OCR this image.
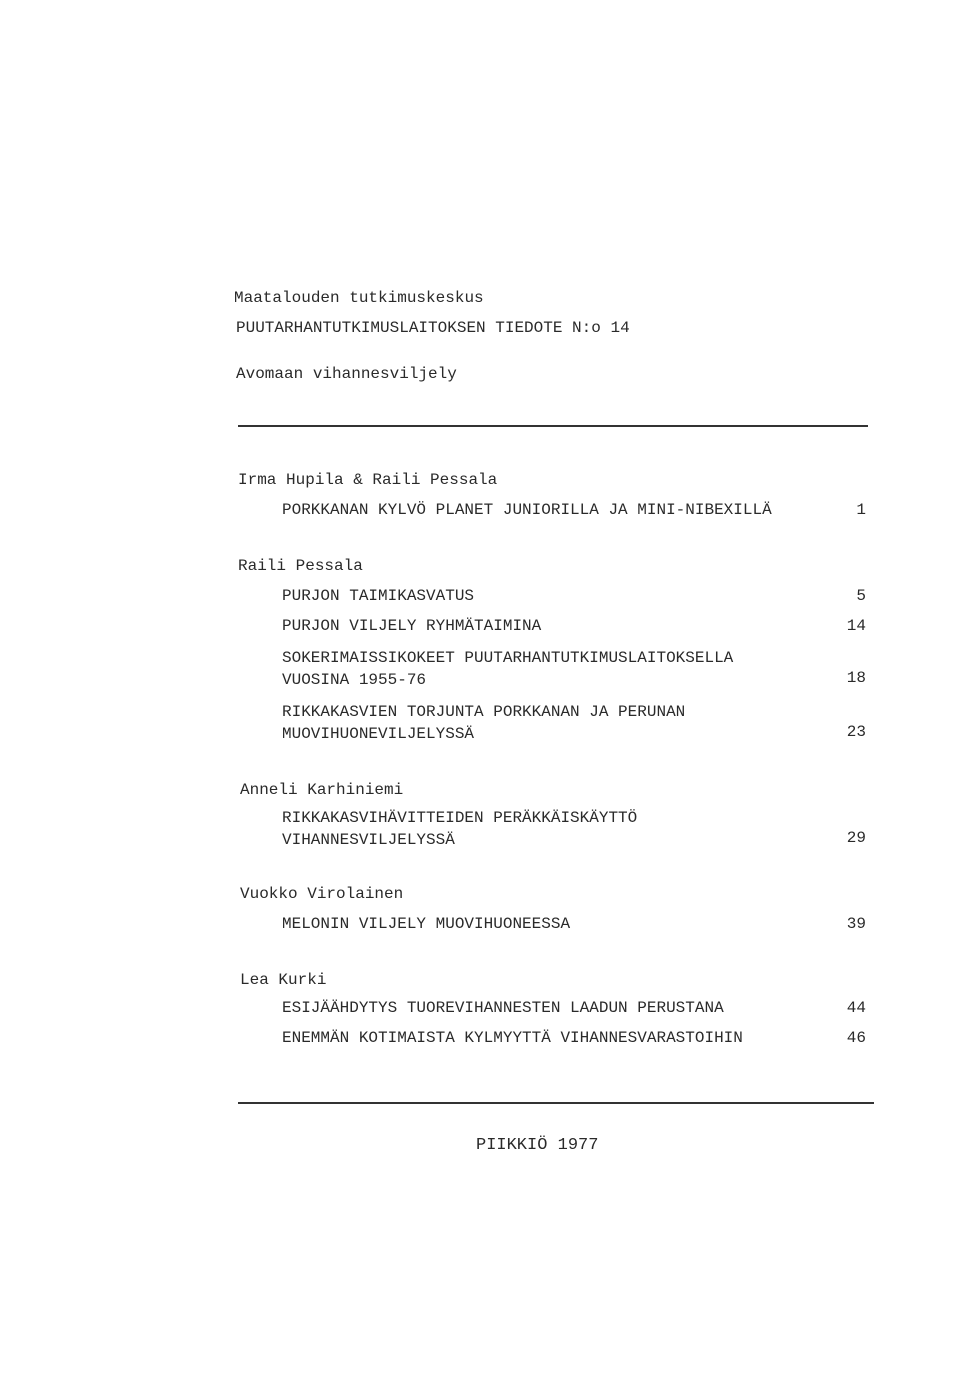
Maatalouden tutkimuskeskus
PUUTARHANTUTKIMUSLAITOKSEN TIEDOTE N:o 14
Avomaan vihannesviljely
Irma Hupila & Raili Pessala
PORKKANAN KYLVÖ PLANET JUNIORILLA JA MINI-NIBEXILLÄ	1
Raili Pessala
PURJON TAIMIKASVATUS	5
PURJON VILJELY RYHMÄTAIMINA	14
SOKERIMAISSIKOKEET PUUTARHANTUTKIMUSLAITOKSELLA
VUOSINA 1955-76	18
RIKKAKASVIEN TORJUNTA PORKKANAN JA PERUNAN
MUOVIHUONEVILJELYSSÄ	23
Anneli Karhiniemi
RIKKAKASVIHÄVITTEIDEN PERÄKKÄISKÄYTTÖ
VIHANNESVILJELYSSÄ	29
Vuokko Virolainen
MELONIN VILJELY MUOVIHUONEESSA	39
Lea Kurki
ESIJÄÄHDYTYS TUOREVIHANNESTEN LAADUN PERUSTANA	44
ENEMMÄN KOTIMAISTA KYLMYYTTÄ VIHANNESVARASTOIHIN	46
PIIKKIÖ 1977
